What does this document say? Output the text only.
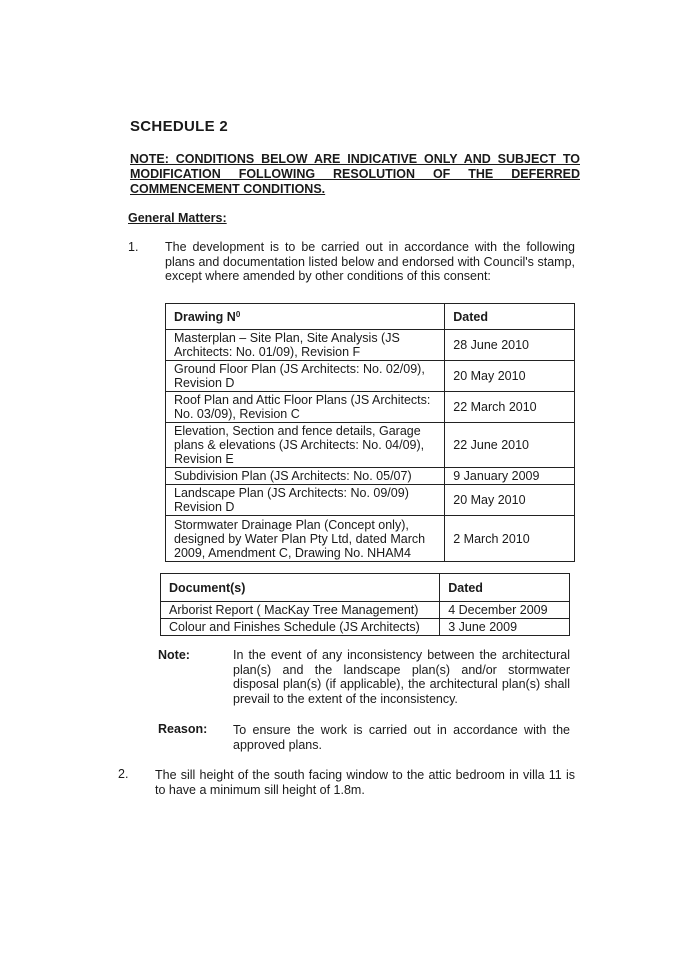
SCHEDULE 2
NOTE: CONDITIONS BELOW ARE INDICATIVE ONLY AND SUBJECT TO MODIFICATION FOLLOWING RESOLUTION OF THE DEFERRED COMMENCEMENT CONDITIONS.
General Matters:
1. The development is to be carried out in accordance with the following plans and documentation listed below and endorsed with Council's stamp, except where amended by other conditions of this consent:
Drawing $N^0$	Dated
Masterplan – Site Plan, Site Analysis (JS Architects: No. 01/09), Revision F	28 June 2010
Ground Floor Plan (JS Architects: No. 02/09), Revision D	20 May 2010
Roof Plan and Attic Floor Plans (JS Architects: No. 03/09), Revision C	22 March 2010
Elevation, Section and fence details, Garage plans & elevations (JS Architects: No. 04/09), Revision E	22 June 2010
Subdivision Plan (JS Architects: No. 05/07)	9 January 2009
Landscape Plan (JS Architects: No. 09/09) Revision D	20 May 2010
Stormwater Drainage Plan (Concept only), designed by Water Plan Pty Ltd, dated March 2009, Amendment C, Drawing No. NHAM4	2 March 2010
Document(s)	Dated
Arborist Report ( MacKay Tree Management)	4 December 2009
Colour and Finishes Schedule (JS Architects)	3 June 2009
Note:	In the event of any inconsistency between the architectural plan(s) and the landscape plan(s) and/or stormwater disposal plan(s) (if applicable), the architectural plan(s) shall prevail to the extent of the inconsistency.
Reason: To ensure the work is carried out in accordance with the approved plans.
2. The sill height of the south facing window to the attic bedroom in villa 11 is to have a minimum sill height of 1.8m.
